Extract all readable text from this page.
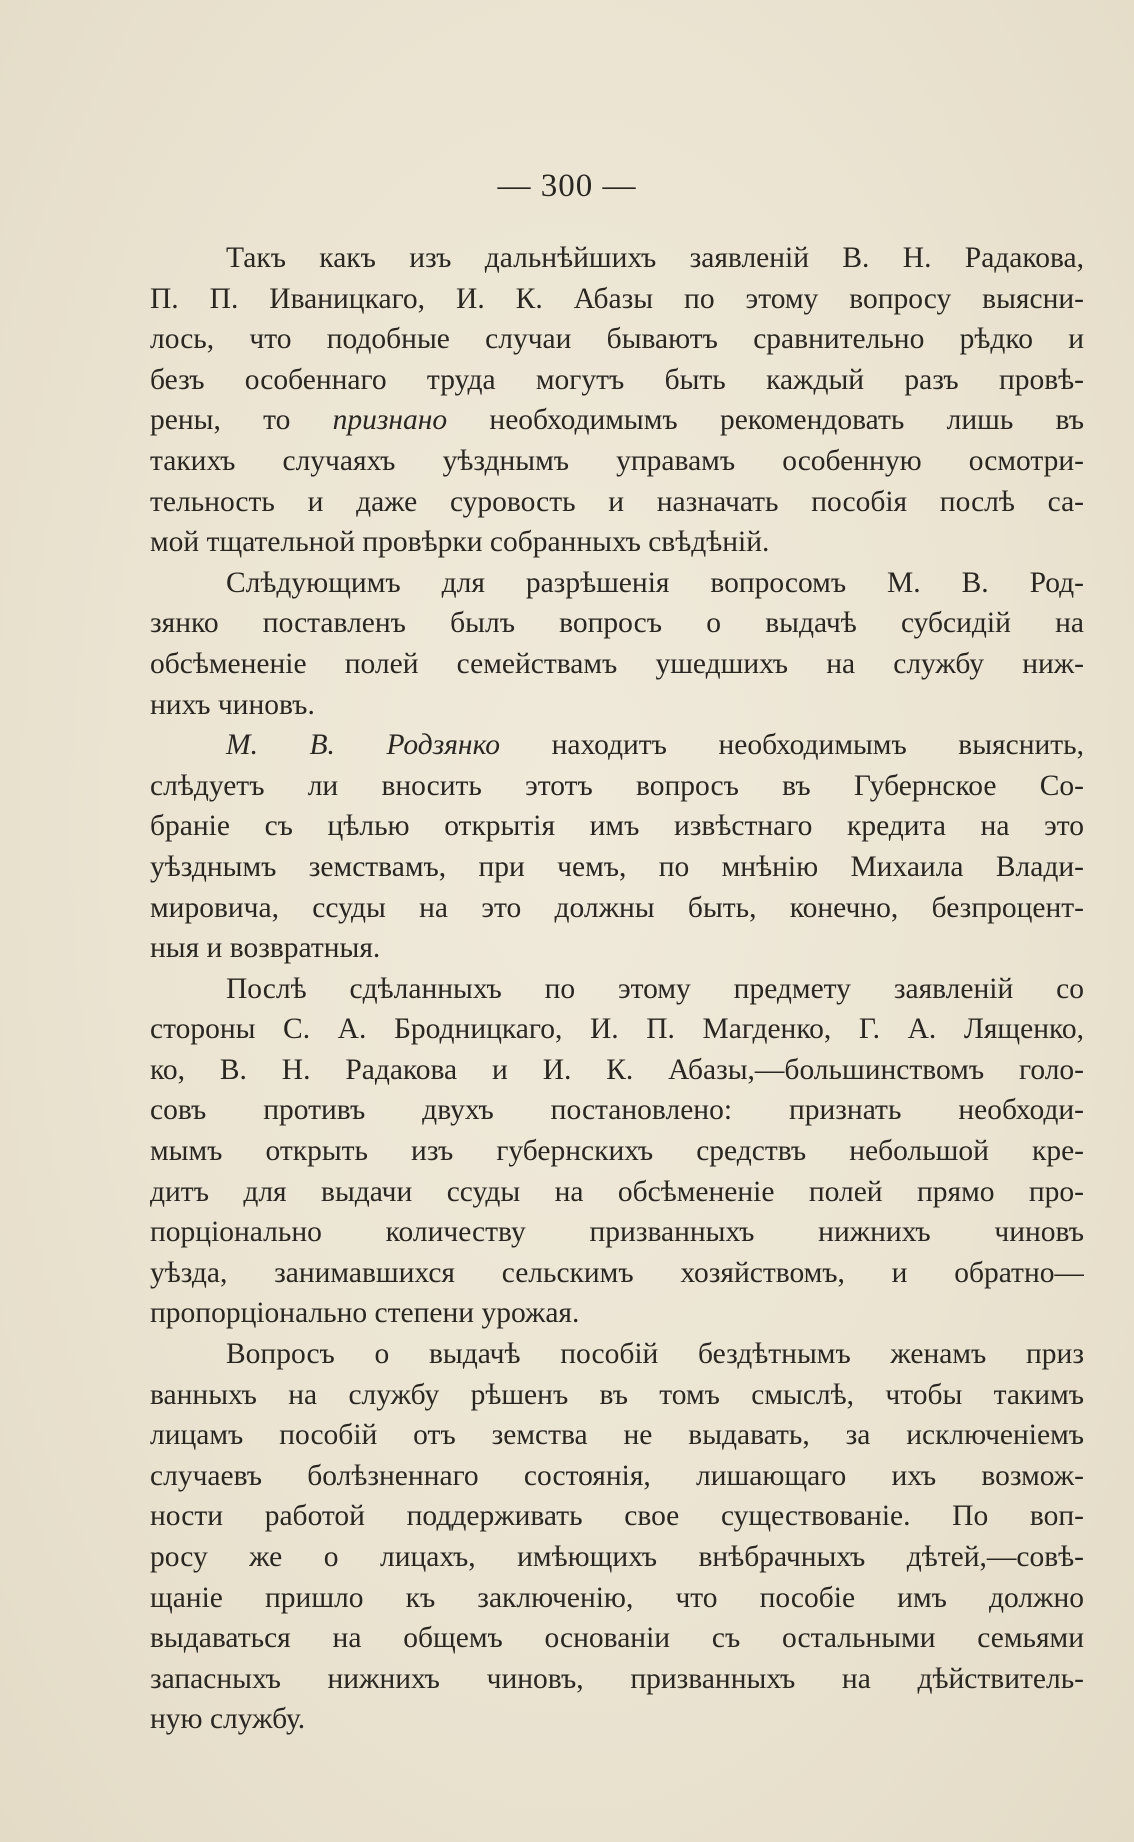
— 300 —
Такъ какъ изъ дальнѣйшихъ заявленій В. Н. Радакова,
П. П. Иваницкаго, И. К. Абазы по этому вопросу выясни-
лось, что подобные случаи бываютъ сравнительно рѣдко и
безъ особеннаго труда могутъ быть каждый разъ провѣ-
рены, то признано необходимымъ рекомендовать лишь въ
такихъ случаяхъ уѣзднымъ управамъ особенную осмотри-
тельность и даже суровость и назначать пособія послѣ са-
мой тщательной провѣрки собранныхъ свѣдѣній.
Слѣдующимъ для разрѣшенія вопросомъ М. В. Род-
зянко поставленъ былъ вопросъ о выдачѣ субсидій на
обсѣмененіе полей семействамъ ушедшихъ на службу ниж-
нихъ чиновъ.
М. В. Родзянко находитъ необходимымъ выяснить,
слѣдуетъ ли вносить этотъ вопросъ въ Губернское Со-
браніе съ цѣлью открытія имъ извѣстнаго кредита на это
уѣзднымъ земствамъ, при чемъ, по мнѣнію Михаила Влади-
мировича, ссуды на это должны быть, конечно, безпроцент-
ныя и возвратныя.
Послѣ сдѣланныхъ по этому предмету заявленій со
стороны С. А. Бродницкаго, И. П. Магденко, Г. А. Лященко,
ко, В. Н. Радакова и И. К. Абазы,—большинствомъ голо-
совъ противъ двухъ постановлено: признать необходи-
мымъ открыть изъ губернскихъ средствъ небольшой кре-
дитъ для выдачи ссуды на обсѣмененіе полей прямо про-
порціонально количеству призванныхъ нижнихъ чиновъ
уѣзда, занимавшихся сельскимъ хозяйствомъ, и обратно—
пропорціонально степени урожая.
Вопросъ о выдачѣ пособій бездѣтнымъ женамъ приз
ванныхъ на службу рѣшенъ въ томъ смыслѣ, чтобы такимъ
лицамъ пособій отъ земства не выдавать, за исключеніемъ
случаевъ болѣзненнаго состоянія, лишающаго ихъ возмож-
ности работой поддерживать свое существованіе. По воп-
росу же о лицахъ, имѣющихъ внѣбрачныхъ дѣтей,—совѣ-
щаніе пришло къ заключенію, что пособіе имъ должно
выдаваться на общемъ основаніи съ остальными семьями
запасныхъ нижнихъ чиновъ, призванныхъ на дѣйствитель-
ную службу.
